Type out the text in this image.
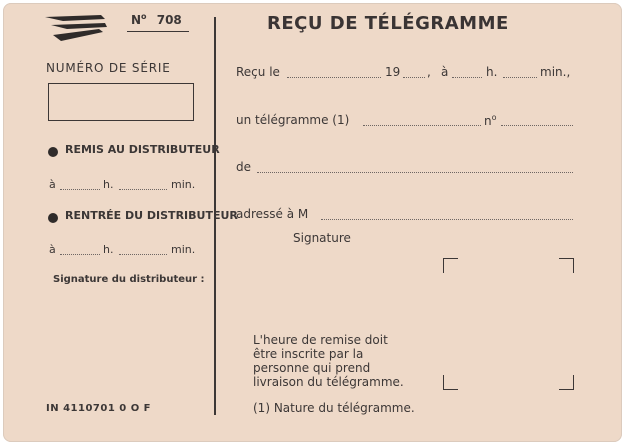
$N^o$ 708	REÇU DE TÉLÉGRAMME
NUMÉRO DE SÉRIE
REMIS AU DISTRIBUTEUR
à	h.	min.
RENTRÉE DU DISTRIBUTEUR
à	h.	min.
Signature du distributeur :
IN 4110701 0 O F
Reçu le	19 , à	h.	min.,
un télégramme (1)	$n^o$
de
adressé à M
Signature
L'heure de remise doit être inscrite par la personne qui prend livraison du télégramme.
(1) Nature du télégramme.
